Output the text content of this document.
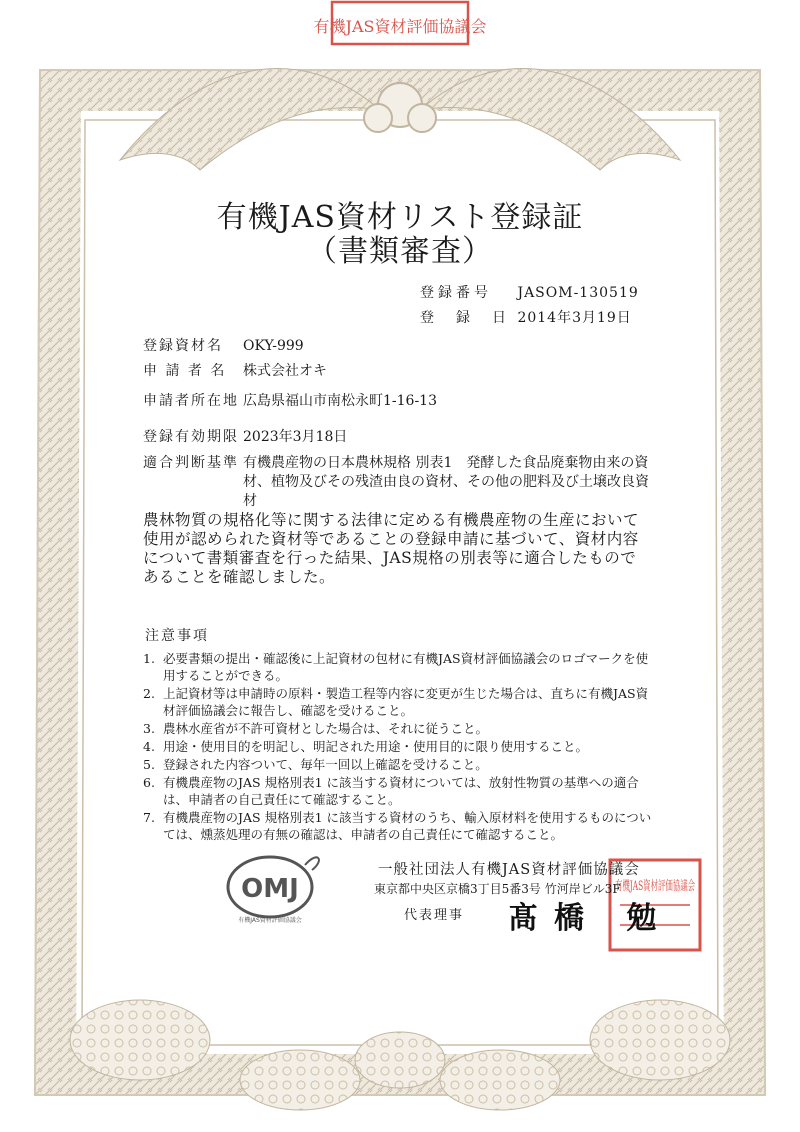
有機JAS資材評価協議会
有機JAS資材評価協議会
OMJ
有機JAS資材評価協議会
有機JAS資材リスト登録証
（書類審査）
登録番号 JASOM-130519
登　録　日 2014年3月19日
登録資材名 OKY-999
申 請 者 名 株式会社オキ
申請者所在地 広島県福山市南松永町1-16-13
登録有効期限 2023年3月18日
適合判断基準 有機農産物の日本農林規格 別表1　発酵した食品廃棄物由来の資材、植物及びその残渣由良の資材、その他の肥料及び土壌改良資材

農林物質の規格化等に関する法律に定める有機農産物の生産において使用が認められた資材等であることの登録申請に基づいて、資材内容について書類審査を行った結果、JAS規格の別表等に適合したものであることを確認しました。

注意事項
1. 必要書類の提出・確認後に上記資材の包材に有機JAS資材評価協議会のロゴマークを使用することができる。
2. 上記資材等は申請時の原料・製造工程等内容に変更が生じた場合は、直ちに有機JAS資材評価協議会に報告し、確認を受けること。
3. 農林水産省が不許可資材とした場合は、それに従うこと。
4. 用途・使用目的を明記し、明記された用途・使用目的に限り使用すること。
5. 登録された内容ついて、毎年一回以上確認を受けること。
6. 有機農産物のJAS 規格別表1 に該当する資材については、放射性物質の基準への適合は、申請者の自己責任にて確認すること。
7. 有機農産物のJAS 規格別表1 に該当する資材のうち、輸入原材料を使用するものについては、燻蒸処理の有無の確認は、申請者の自己責任にて確認すること。
一般社団法人有機JAS資材評価協議会
東京都中央区京橋3丁目5番3号 竹河岸ビル3F
代表理事 髙橋 勉
